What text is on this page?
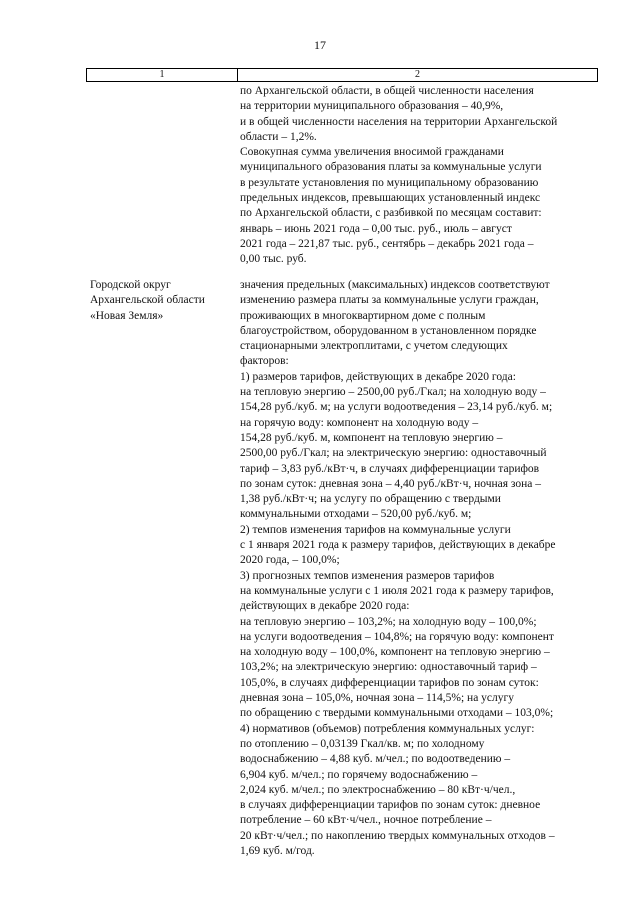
17
1	2
по Архангельской области, в общей численности населения
на территории муниципального образования – 40,9%,
и в общей численности населения на территории Архангельской
области – 1,2%.
Совокупная сумма увеличения вносимой гражданами
муниципального образования платы за коммунальные услуги
в результате установления по муниципальному образованию
предельных индексов, превышающих установленный индекс
по Архангельской области, с разбивкой по месяцам составит:
январь – июнь 2021 года – 0,00 тыс. руб., июль – август
2021 года – 221,87 тыс. руб., сентябрь – декабрь 2021 года –
0,00 тыс. руб.
Городской округ
Архангельской области
«Новая Земля»
значения предельных (максимальных) индексов соответствуют
изменению размера платы за коммунальные услуги граждан,
проживающих в многоквартирном доме с полным
благоустройством, оборудованном в установленном порядке
стационарными электроплитами, с учетом следующих
факторов:
1) размеров тарифов, действующих в декабре 2020 года:
на тепловую энергию – 2500,00 руб./Гкал; на холодную воду –
154,28 руб./куб. м; на услуги водоотведения – 23,14 руб./куб. м;
на горячую воду: компонент на холодную воду –
154,28 руб./куб. м, компонент на тепловую энергию –
2500,00 руб./Гкал; на электрическую энергию: одноставочный
тариф – 3,83 руб./кВт·ч, в случаях дифференциации тарифов
по зонам суток: дневная зона – 4,40 руб./кВт·ч, ночная зона –
1,38 руб./кВт·ч; на услугу по обращению с твердыми
коммунальными отходами – 520,00 руб./куб. м;
2) темпов изменения тарифов на коммунальные услуги
с 1 января 2021 года к размеру тарифов, действующих в декабре
2020 года, – 100,0%;
3) прогнозных темпов изменения размеров тарифов
на коммунальные услуги с 1 июля 2021 года к размеру тарифов,
действующих в декабре 2020 года:
на тепловую энергию – 103,2%; на холодную воду – 100,0%;
на услуги водоотведения – 104,8%; на горячую воду: компонент
на холодную воду – 100,0%, компонент на тепловую энергию –
103,2%; на электрическую энергию: одноставочный тариф –
105,0%, в случаях дифференциации тарифов по зонам суток:
дневная зона – 105,0%, ночная зона – 114,5%; на услугу
по обращению с твердыми коммунальными отходами – 103,0%;
4) нормативов (объемов) потребления коммунальных услуг:
по отоплению – 0,03139 Гкал/кв. м; по холодному
водоснабжению – 4,88 куб. м/чел.; по водоотведению –
6,904 куб. м/чел.; по горячему водоснабжению –
2,024 куб. м/чел.; по электроснабжению – 80 кВт·ч/чел.,
в случаях дифференциации тарифов по зонам суток: дневное
потребление – 60 кВт·ч/чел., ночное потребление –
20 кВт·ч/чел.; по накоплению твердых коммунальных отходов –
1,69 куб. м/год.
